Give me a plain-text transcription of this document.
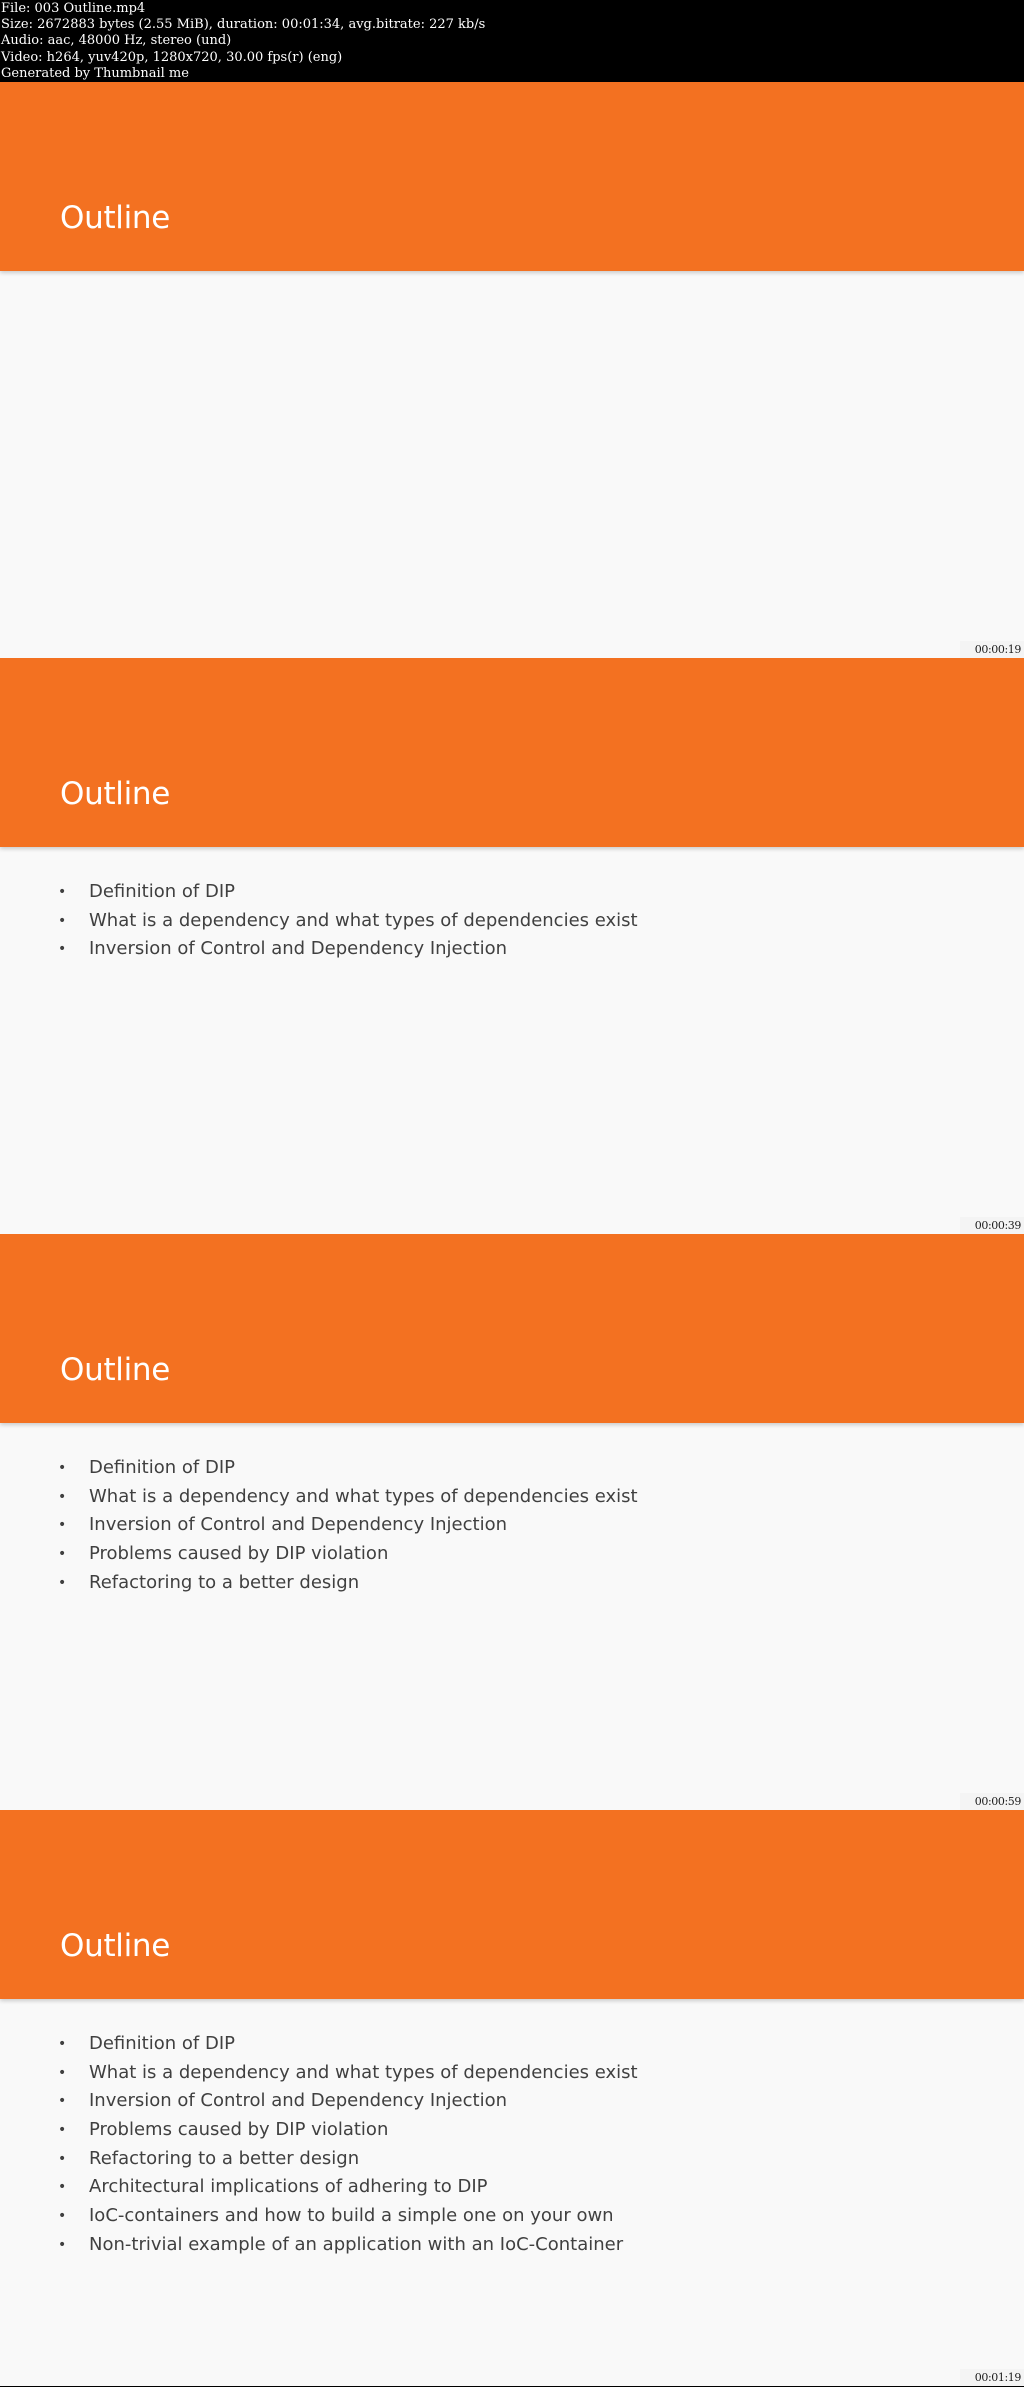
File: 003 Outline.mp4
Size: 2672883 bytes (2.55 MiB), duration: 00:01:34, avg.bitrate: 227 kb/s
Audio: aac, 48000 Hz, stereo (und)
Video: h264, yuv420p, 1280x720, 30.00 fps(r) (eng)
Generated by Thumbnail me
Outline
00:00:19
Outline
•	Definition of DIP
•	What is a dependency and what types of dependencies exist
•	Inversion of Control and Dependency Injection
00:00:39
Outline
•	Definition of DIP
•	What is a dependency and what types of dependencies exist
•	Inversion of Control and Dependency Injection
•	Problems caused by DIP violation
•	Refactoring to a better design
00:00:59
Outline
•	Definition of DIP
•	What is a dependency and what types of dependencies exist
•	Inversion of Control and Dependency Injection
•	Problems caused by DIP violation
•	Refactoring to a better design
•	Architectural implications of adhering to DIP
•	IoC-containers and how to build a simple one on your own
•	Non-trivial example of an application with an IoC-Container
00:01:19
